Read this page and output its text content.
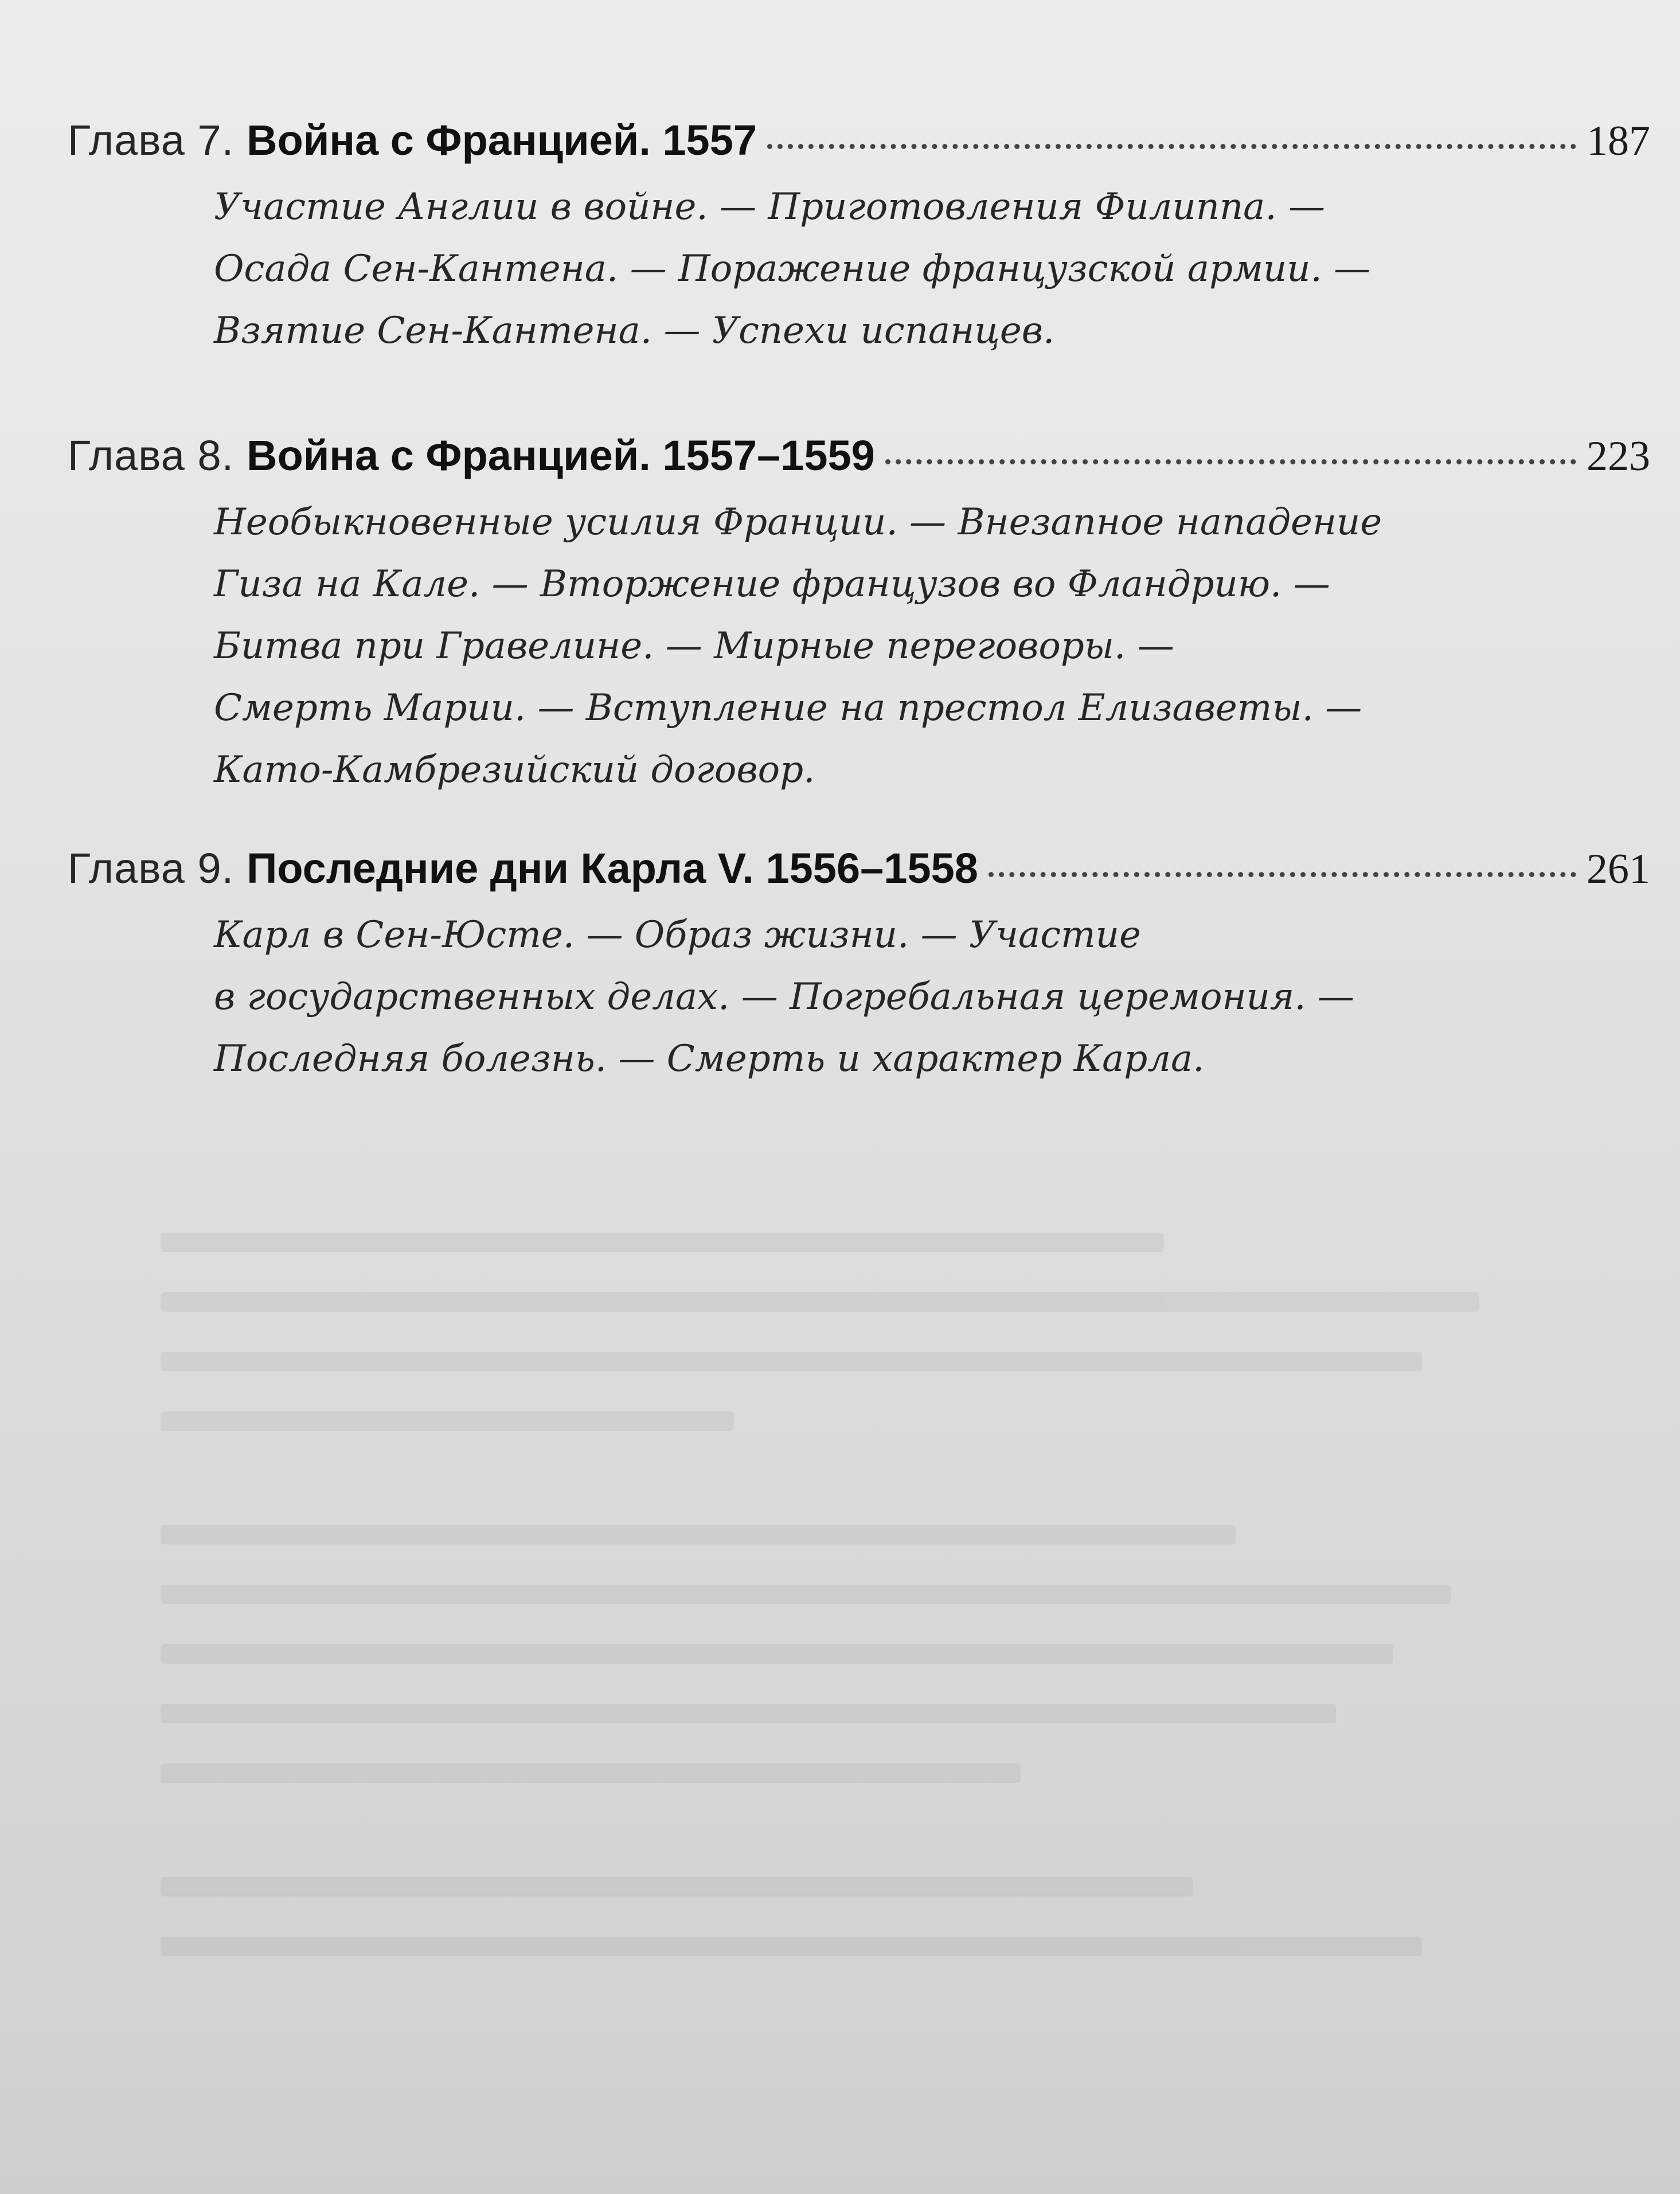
Глава 7. Война с Францией. 1557	187
Участие Англии в войне. — Приготовления Филиппа. —
Осада Сен-Кантена. — Поражение французской армии. —
Взятие Сен-Кантена. — Успехи испанцев.
Глава 8. Война с Францией. 1557–1559	223
Необыкновенные усилия Франции. — Внезапное нападение
Гиза на Кале. — Вторжение французов во Фландрию. —
Битва при Гравелине. — Мирные переговоры. —
Смерть Марии. — Вступление на престол Елизаветы. —
Като-Камбрезийский договор.
Глава 9. Последние дни Карла V. 1556–1558	261
Карл в Сен-Юсте. — Образ жизни. — Участие
в государственных делах. — Погребальная церемония. —
Последняя болезнь. — Смерть и характер Карла.
